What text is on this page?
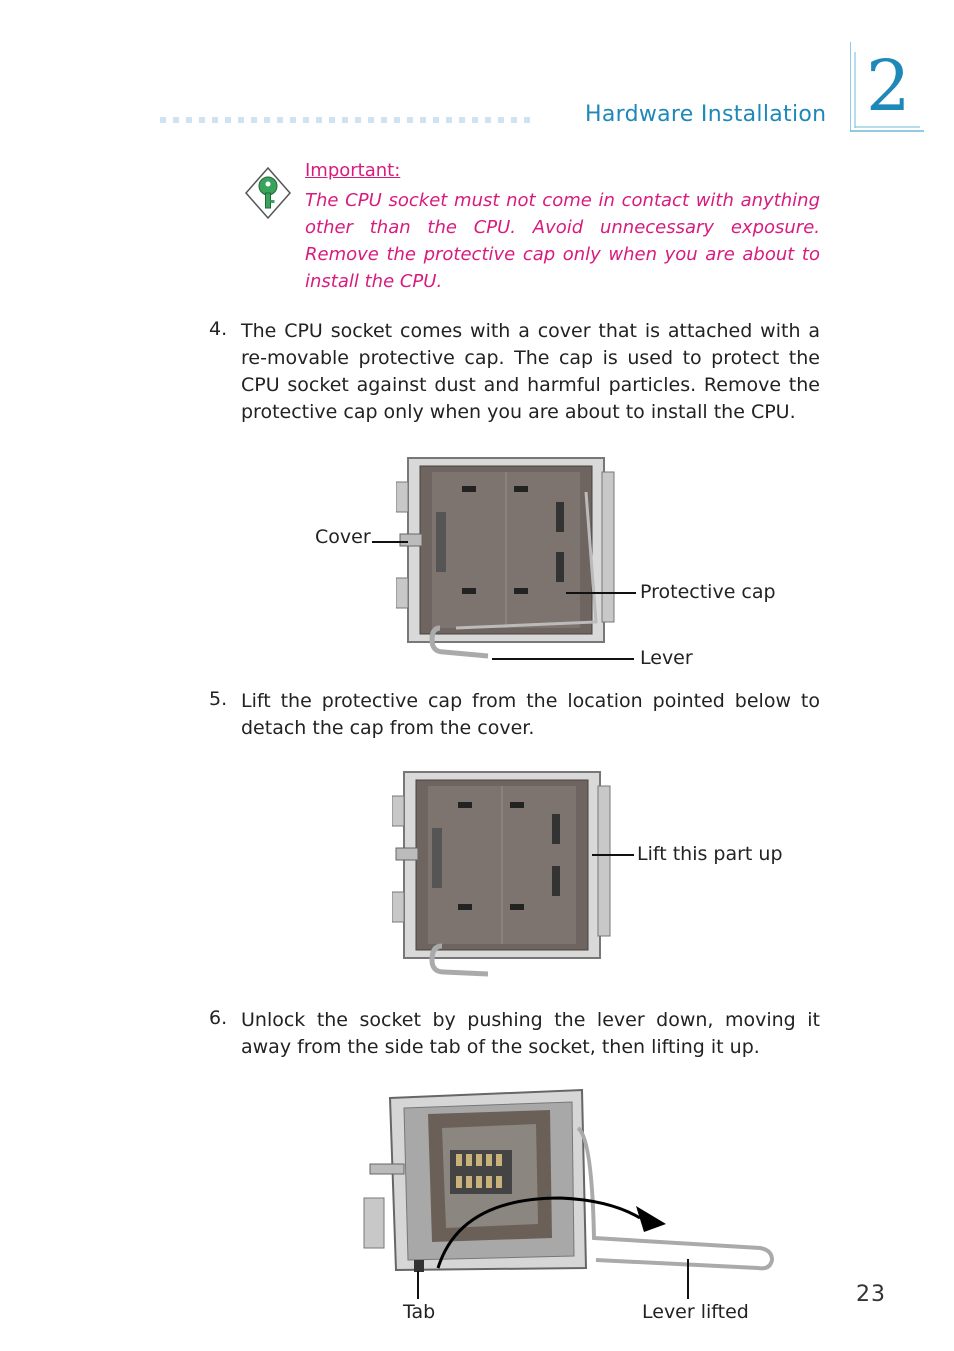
Hardware Installation 2
Important:
The CPU socket must not come in contact with anything other than the CPU. Avoid unnecessary exposure. Remove the protective cap only when you are about to install the CPU.
4. The CPU socket comes with a cover that is attached with a re-movable protective cap. The cap is used to protect the CPU socket against dust and harmful particles. Remove the protective cap only when you are about to install the CPU.
Cover
Protective cap
Lever
5. Lift the protective cap from the location pointed below to detach the cap from the cover.
Lift this part up
6. Unlock the socket by pushing the lever down, moving it away from the side tab of the socket, then lifting it up.
Tab	Lever lifted
23
